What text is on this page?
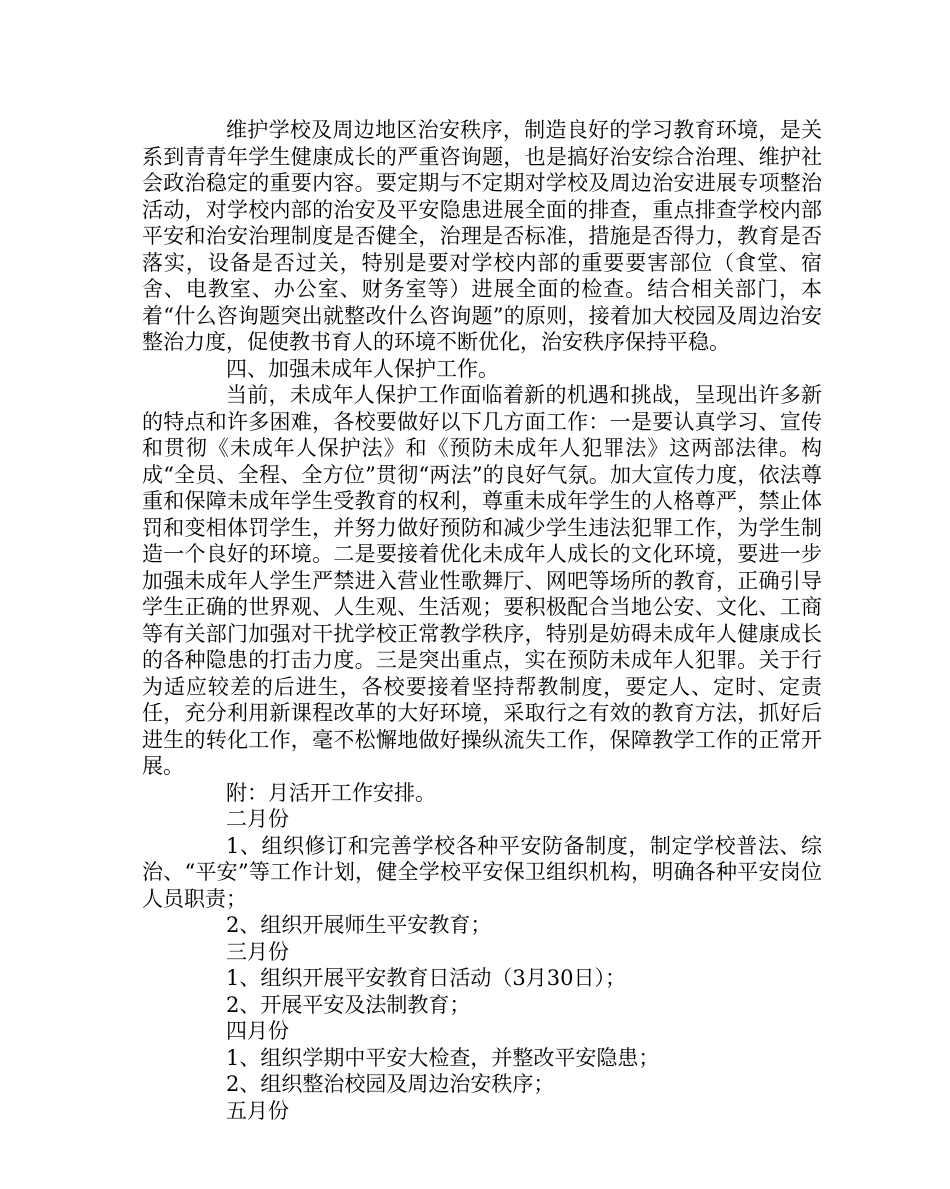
维护学校及周边地区治安秩序，制造良好的学习教育环境，是关系到青青年学生健康成长的严重咨询题，也是搞好治安综合治理、维护社会政治稳定的重要内容。要定期与不定期对学校及周边治安进展专项整治活动，对学校内部的治安及平安隐患进展全面的排查，重点排查学校内部平安和治安治理制度是否健全，治理是否标准，措施是否得力，教育是否落实，设备是否过关，特别是要对学校内部的重要要害部位（食堂、宿舍、电教室、办公室、财务室等）进展全面的检查。结合相关部门，本着“什么咨询题突出就整改什么咨询题”的原则，接着加大校园及周边治安整治力度，促使教书育人的环境不断优化，治安秩序保持平稳。

四、加强未成年人保护工作。

当前，未成年人保护工作面临着新的机遇和挑战，呈现出许多新的特点和许多困难，各校要做好以下几方面工作：一是要认真学习、宣传和贯彻《未成年人保护法》和《预防未成年人犯罪法》这两部法律。构成“全员、全程、全方位”贯彻“两法”的良好气氛。加大宣传力度，依法尊重和保障未成年学生受教育的权利，尊重未成年学生的人格尊严，禁止体罚和变相体罚学生，并努力做好预防和减少学生违法犯罪工作，为学生制造一个良好的环境。二是要接着优化未成年人成长的文化环境，要进一步加强未成年人学生严禁进入营业性歌舞厅、网吧等场所的教育，正确引导学生正确的世界观、人生观、生活观；要积极配合当地公安、文化、工商等有关部门加强对干扰学校正常教学秩序，特别是妨碍未成年人健康成长的各种隐患的打击力度。三是突出重点，实在预防未成年人犯罪。关于行为适应较差的后进生，各校要接着坚持帮教制度，要定人、定时、定责任，充分利用新课程改革的大好环境，采取行之有效的教育方法，抓好后进生的转化工作，毫不松懈地做好操纵流失工作，保障教学工作的正常开展。

附：月活开工作安排。

二月份

1、组织修订和完善学校各种平安防备制度，制定学校普法、综治、“平安”等工作计划，健全学校平安保卫组织机构，明确各种平安岗位人员职责；

2、组织开展师生平安教育；

三月份

1、组织开展平安教育日活动（3月30日）；

2、开展平安及法制教育；

四月份

1、组织学期中平安大检查，并整改平安隐患；

2、组织整治校园及周边治安秩序；

五月份
